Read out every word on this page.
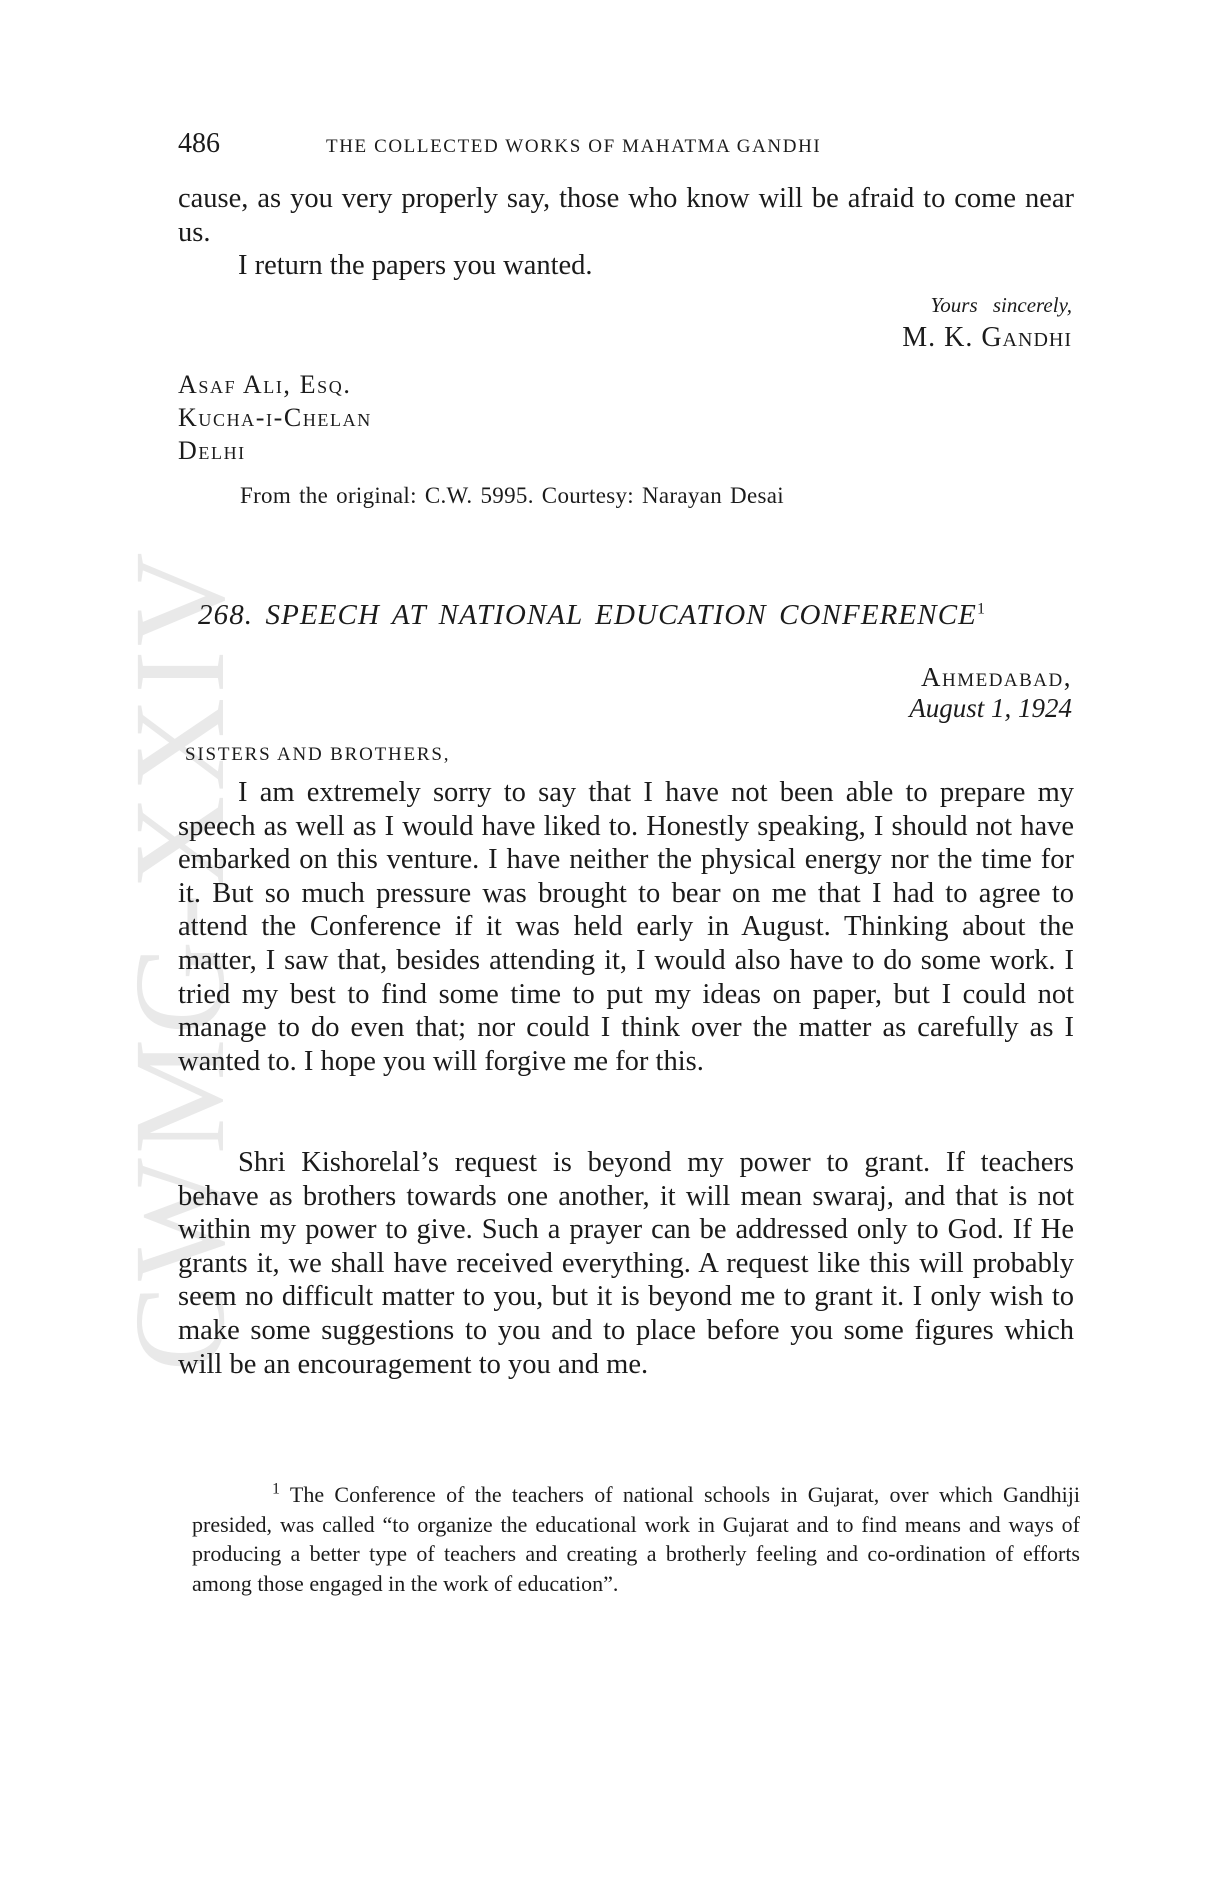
CWMG-XXIV
486	THE COLLECTED WORKS OF MAHATMA GANDHI

cause, as you very properly say, those who know will be afraid to come near us.

I return the papers you wanted.

Yours sincerely,
M. K. Gandhi
Asaf Ali, Esq.
Kucha-i-Chelan
Delhi
From the original: C.W. 5995. Courtesy: Narayan Desai
268. SPEECH AT NATIONAL EDUCATION CONFERENCE$^1$
Ahmedabad,
August 1, 1924
SISTERS AND BROTHERS,

I am extremely sorry to say that I have not been able to prepare my speech as well as I would have liked to. Honestly speaking, I should not have embarked on this venture. I have neither the physical energy nor the time for it. But so much pressure was brought to bear on me that I had to agree to attend the Conference if it was held early in August. Thinking about the matter, I saw that, besides attending it, I would also have to do some work. I tried my best to find some time to put my ideas on paper, but I could not manage to do even that; nor could I think over the matter as carefully as I wanted to. I hope you will forgive me for this.

Shri Kishorelal’s request is beyond my power to grant. If teachers behave as brothers towards one another, it will mean swaraj, and that is not within my power to give. Such a prayer can be addressed only to God. If He grants it, we shall have received everything. A request like this will probably seem no difficult matter to you, but it is beyond me to grant it. I only wish to make some suggestions to you and to place before you some figures which will be an encouragement to you and me.

$^1$ The Conference of the teachers of national schools in Gujarat, over which Gandhiji presided, was called “to organize the educational work in Gujarat and to find means and ways of producing a better type of teachers and creating a brotherly feeling and co-ordination of efforts among those engaged in the work of education”.
